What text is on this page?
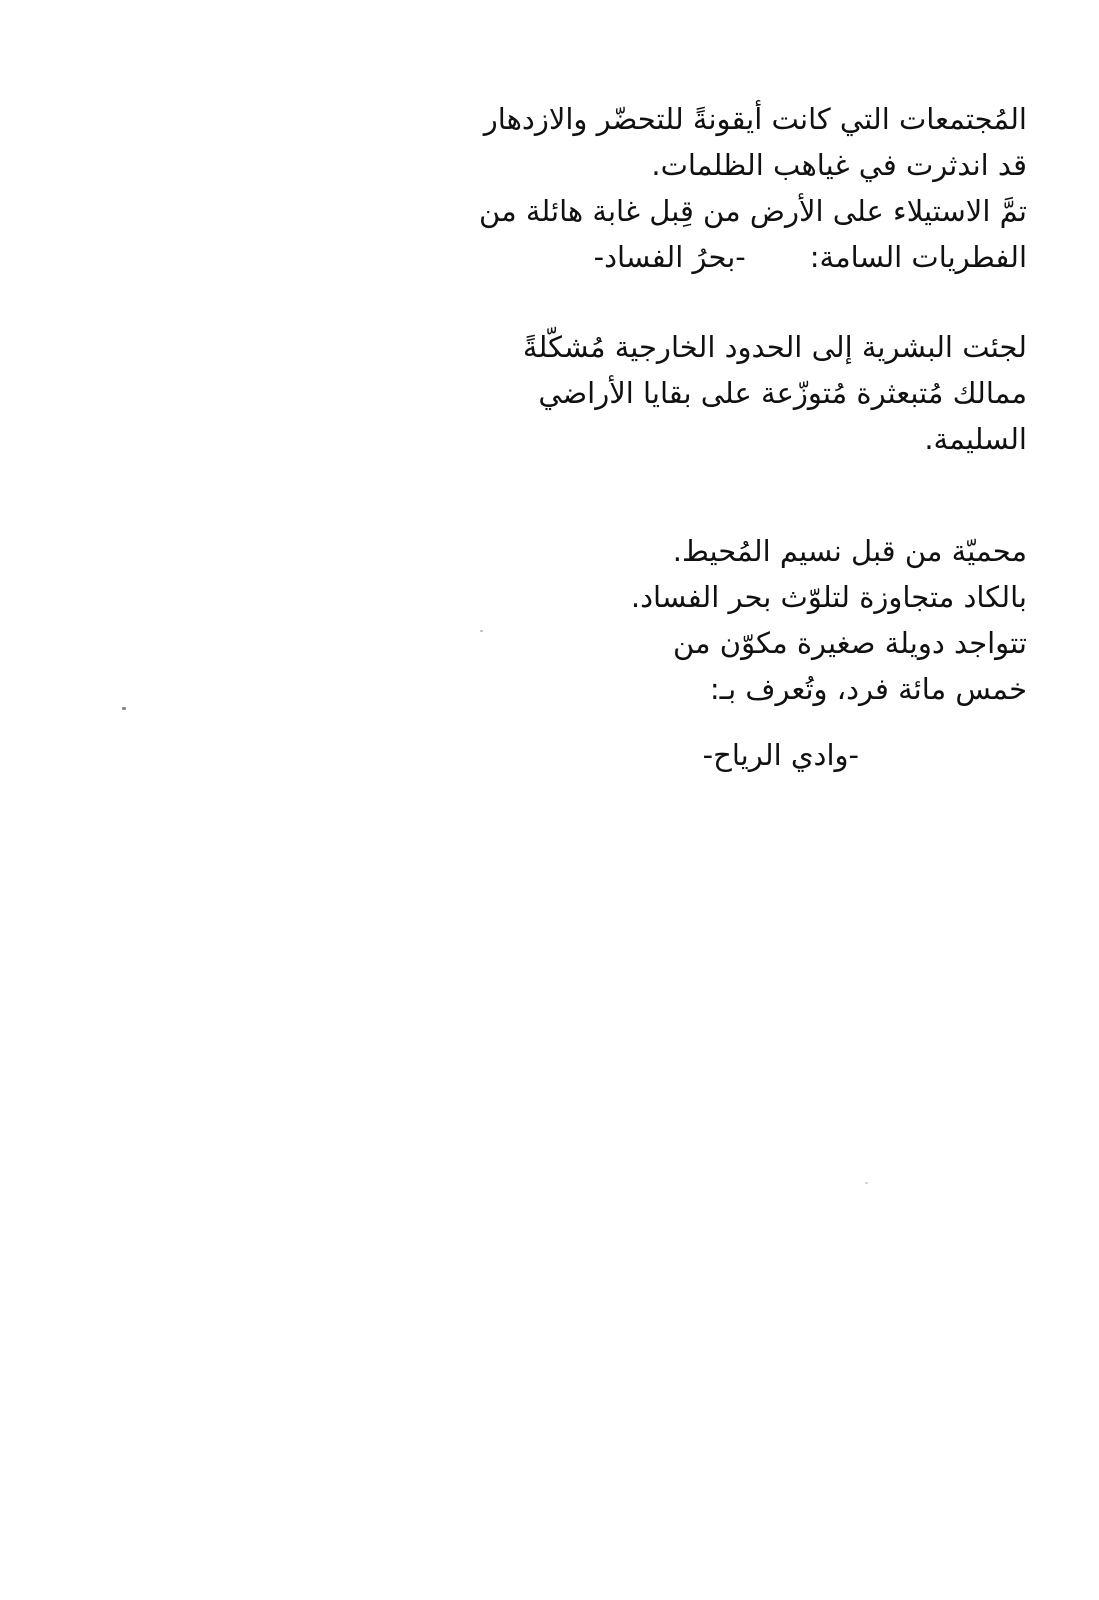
المُجتمعات التي كانت أيقونةً للتحضّر والازدهار
قد اندثرت في غياهب الظلمات.
تمَّ الاستيلاء على الأرض من قِبل غابة هائلة من
الفطريات السامة:-بحرُ الفساد-
لجئت البشرية إلى الحدود الخارجية مُشكّلةً
ممالك مُتبعثرة مُتوزّعة على بقايا الأراضي
السليمة.
محميّة من قبل نسيم المُحيط.
بالكاد متجاوزة لتلوّث بحر الفساد.
تتواجد دويلة صغيرة مكوّن من
خمس مائة فرد، وتُعرف بـ:
-وادي الرياح-
